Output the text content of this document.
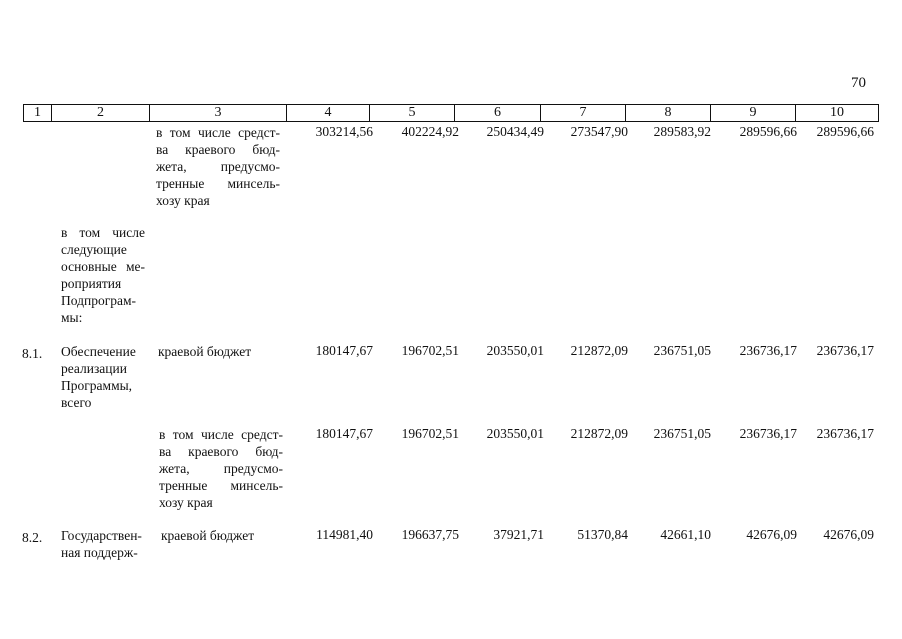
70
1	2	3	4	5	6	7	8	9	10
в том числе средст-
ва краевого бюд-
жета, предусмо-
тренные минсель-
хозу края
303214,56 402224,92 250434,49 273547,90 289583,92 289596,66 289596,66
в том числе
следующие
основные ме-
роприятия
Подпрограм-
мы:
8.1. Обеспечение
реализации
Программы,
всего
краевой бюджет	180147,67 196702,51 203550,01 212872,09 236751,05 236736,17 236736,17
в том числе средст-
ва краевого бюд-
жета, предусмо-
тренные минсель-
хозу края
180147,67 196702,51 203550,01 212872,09 236751,05 236736,17 236736,17
8.2. Государствен-
ная поддерж-
краевой бюджет	114981,40 196637,75	37921,71 51370,84 42661,10	42676,09 42676,09
